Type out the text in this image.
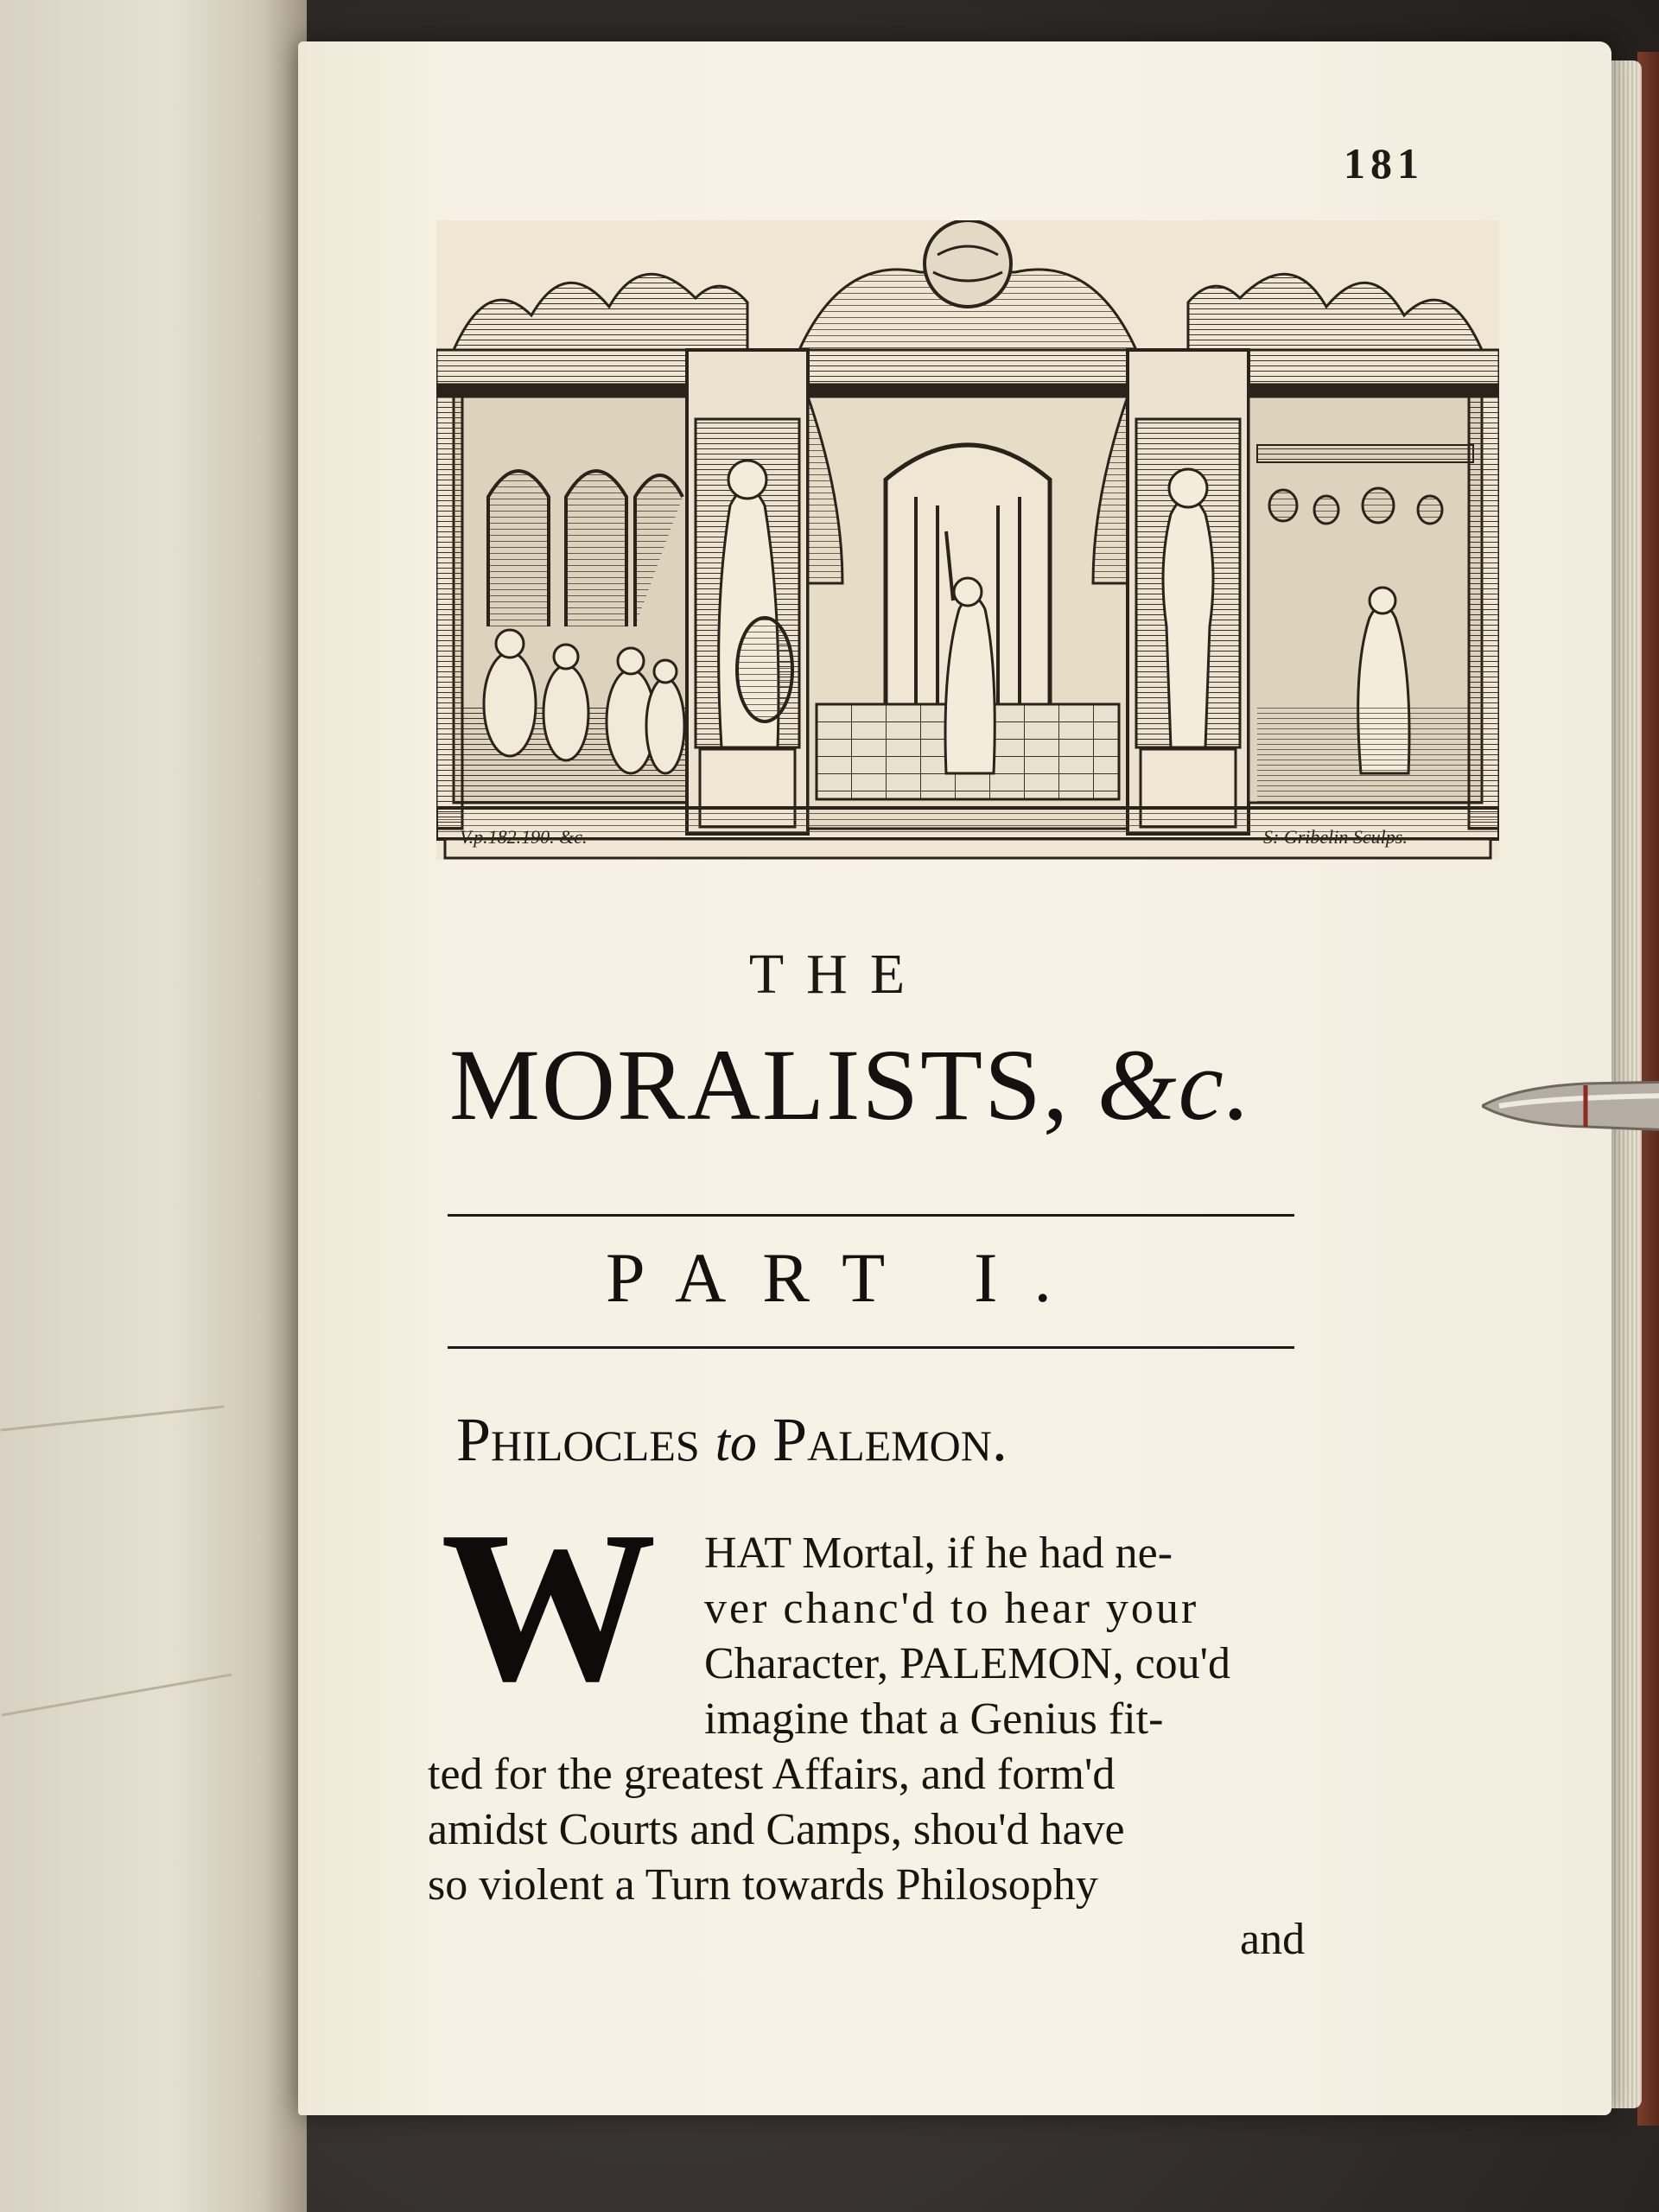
181
V.p.182.190. &c.	S: Gribelin Sculps.
THE
MORALISTS, &c.
PART I.
Philocles to Palemon.
W HAT Mortal, if he had ne-
ver chanc'd to hear your
Character, PALEMON, cou'd
imagine that a Genius fit-
ted for the greatest Affairs, and form'd
amidst Courts and Camps, shou'd have
so violent a Turn towards Philosophy
and
